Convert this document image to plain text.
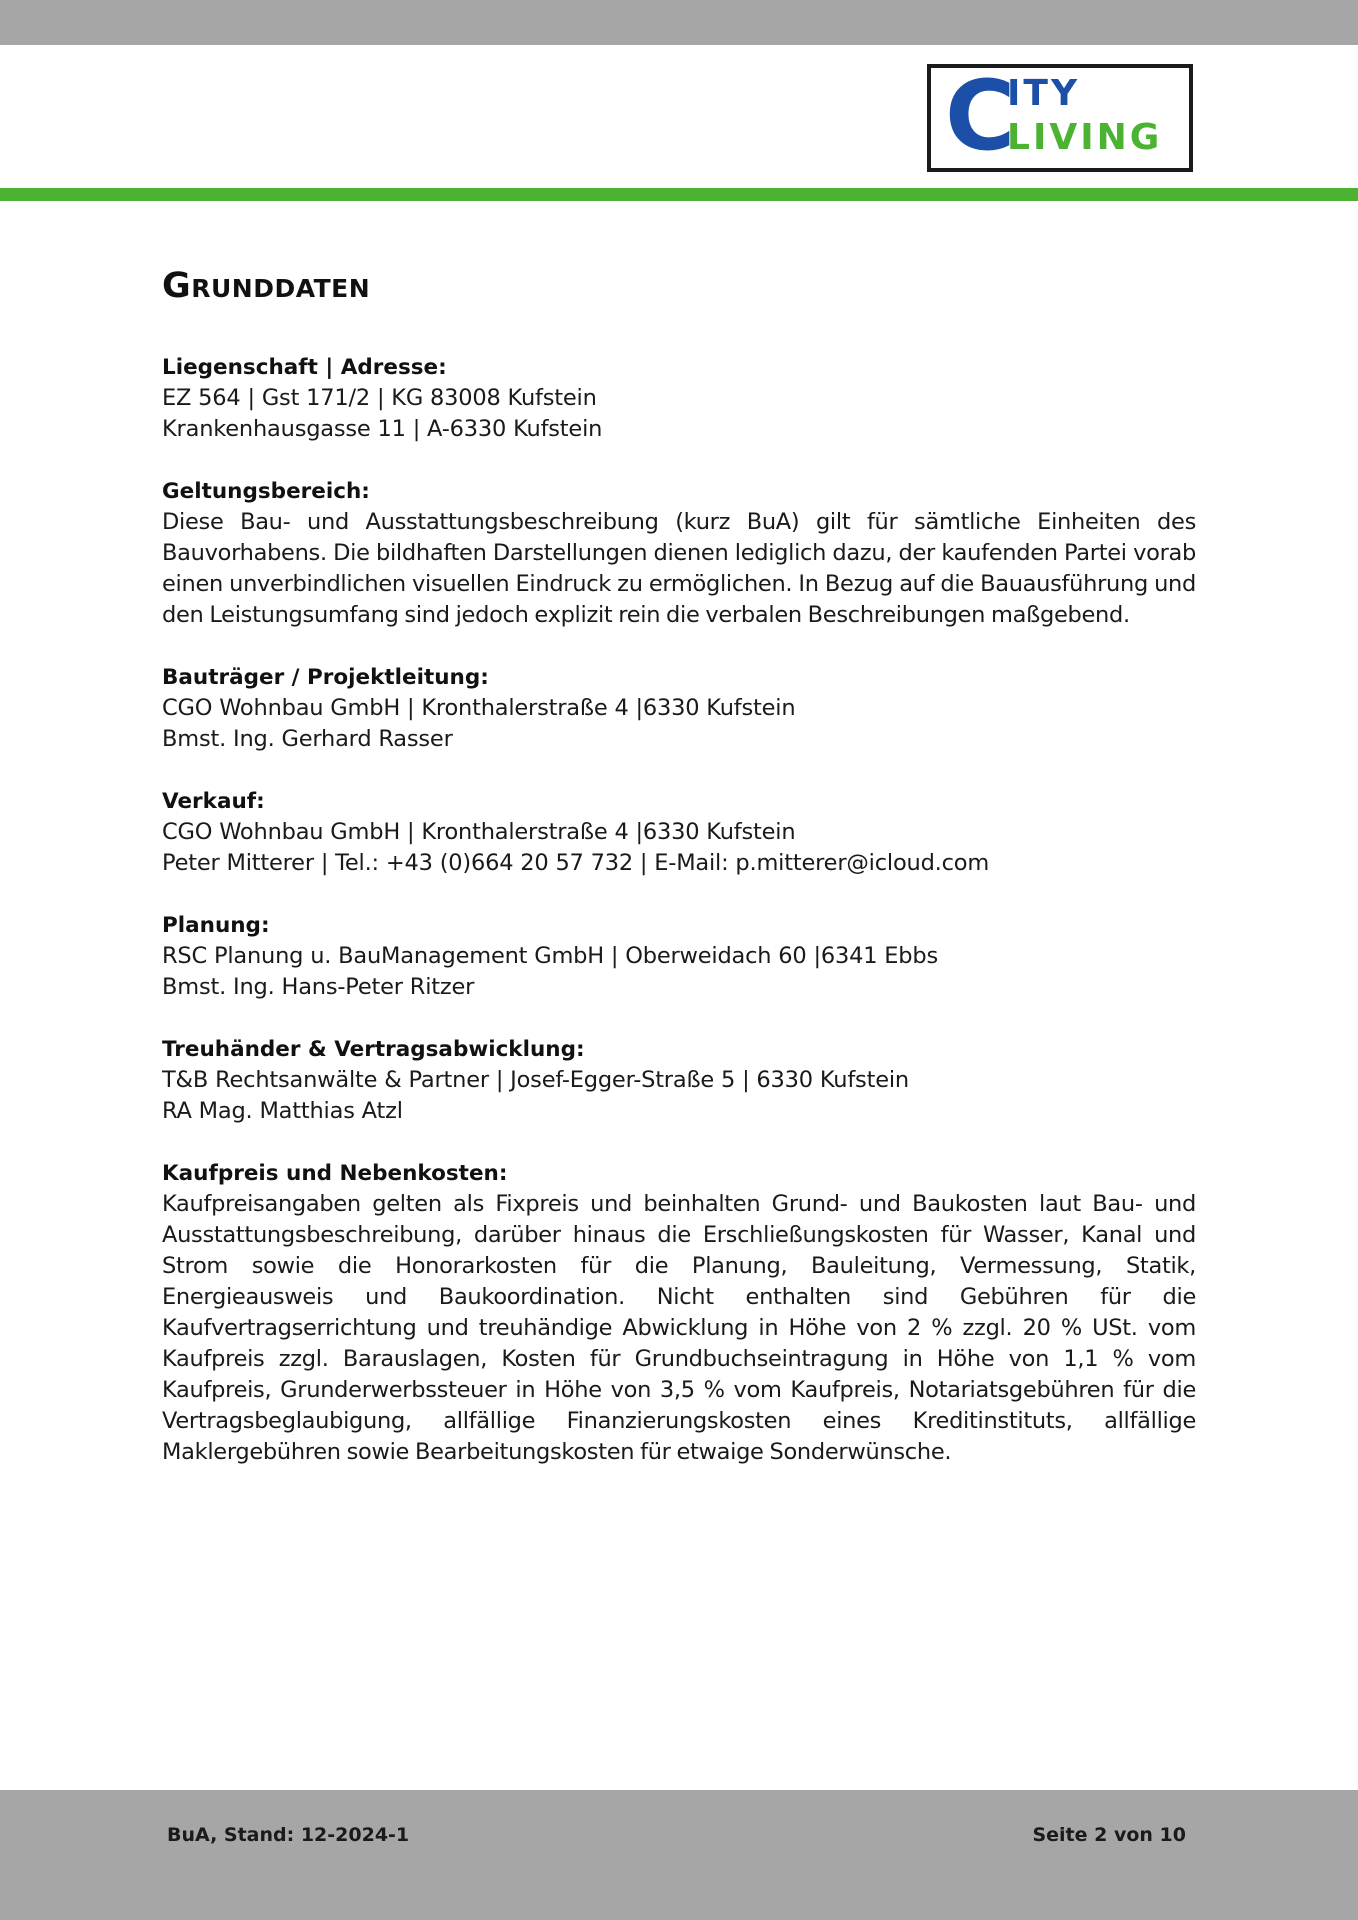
C
ITY
LIVING
Grunddaten
Liegenschaft | Adresse:
EZ 564 | Gst 171/2 | KG 83008 Kufstein
Krankenhausgasse 11 | A-6330 Kufstein
Geltungsbereich:
Diese Bau- und Ausstattungsbeschreibung (kurz BuA) gilt für sämtliche Einheiten des Bauvorhabens. Die bildhaften Darstellungen dienen lediglich dazu, der kaufenden Partei vorab einen unverbindlichen visuellen Eindruck zu ermöglichen. In Bezug auf die Bauausführung und den Leistungsumfang sind jedoch explizit rein die verbalen Beschreibungen maßgebend.
Bauträger / Projektleitung:
CGO Wohnbau GmbH | Kronthalerstraße 4 |6330 Kufstein
Bmst. Ing. Gerhard Rasser
Verkauf:
CGO Wohnbau GmbH | Kronthalerstraße 4 |6330 Kufstein
Peter Mitterer | Tel.: +43 (0)664 20 57 732 | E-Mail: p.mitterer@icloud.com
Planung:
RSC Planung u. BauManagement GmbH | Oberweidach 60 |6341 Ebbs
Bmst. Ing. Hans-Peter Ritzer
Treuhänder & Vertragsabwicklung:
T&B Rechtsanwälte & Partner | Josef-Egger-Straße 5 | 6330 Kufstein
RA Mag. Matthias Atzl
Kaufpreis und Nebenkosten:
Kaufpreisangaben gelten als Fixpreis und beinhalten Grund- und Baukosten laut Bau- und Ausstattungsbeschreibung, darüber hinaus die Erschließungskosten für Wasser, Kanal und Strom sowie die Honorarkosten für die Planung, Bauleitung, Vermessung, Statik, Energieausweis und Baukoordination. Nicht enthalten sind Gebühren für die Kaufvertragserrichtung und treuhändige Abwicklung in Höhe von 2 % zzgl. 20 % USt. vom Kaufpreis zzgl. Barauslagen, Kosten für Grundbuchseintragung in Höhe von 1,1 % vom Kaufpreis, Grunderwerbssteuer in Höhe von 3,5 % vom Kaufpreis, Notariatsgebühren für die Vertragsbeglaubigung, allfällige Finanzierungskosten eines Kreditinstituts, allfällige Maklergebühren sowie Bearbeitungskosten für etwaige Sonderwünsche.
BuA, Stand: 12-2024-1	Seite 2 von 10
